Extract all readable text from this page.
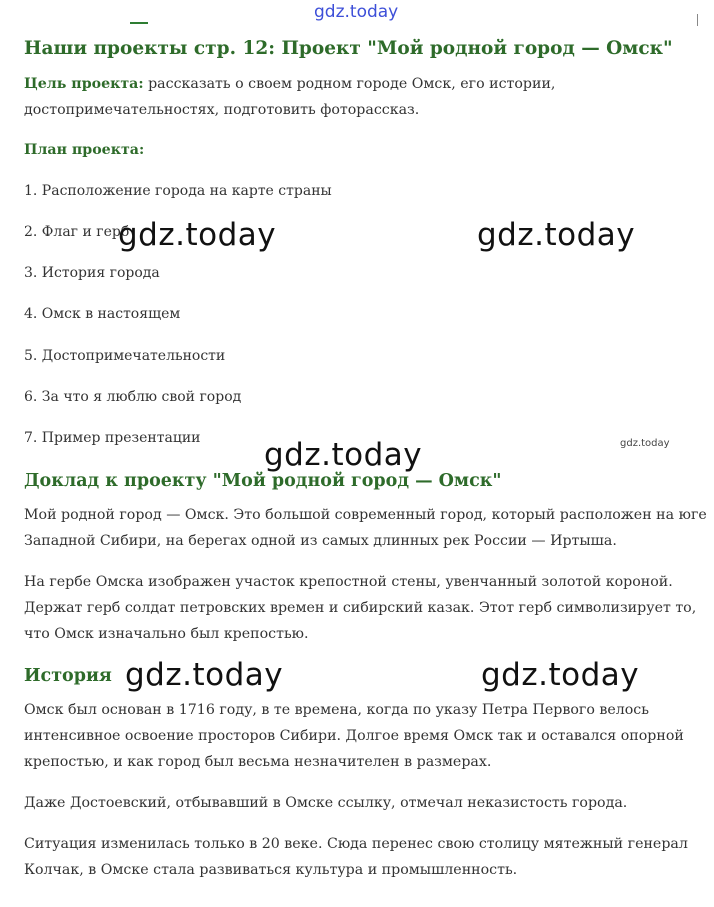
gdz.today
Наши проекты стр. 12: Проект "Мой родной город — Омск"

Цель проекта: рассказать о своем родном городе Омск, его истории,
достопримечательностях, подготовить фоторассказ.

План проекта:

1. Расположение города на карте страны

2. Флаг и герб

3. История города

4. Омск в настоящем

5. Достопримечательности

6. За что я люблю свой город

7. Пример презентации

Доклад к проекту "Мой родной город — Омск"

Мой родной город — Омск. Это большой современный город, который расположен на юге
Западной Сибири, на берегах одной из самых длинных рек России — Иртыша.

На гербе Омска изображен участок крепостной стены, увенчанный золотой короной.
Держат герб солдат петровских времен и сибирский казак. Этот герб символизирует то,
что Омск изначально был крепостью.

История

Омск был основан в 1716 году, в те времена, когда по указу Петра Первого велось
интенсивное освоение просторов Сибири. Долгое время Омск так и оставался опорной
крепостью, и как город был весьма незначителен в размерах.

Даже Достоевский, отбывавший в Омске ссылку, отмечал неказистость города.

Ситуация изменилась только в 20 веке. Сюда перенес свою столицу мятежный генерал
Колчак, в Омске стала развиваться культура и промышленность.

gdz.today	gdz.today
gdz.today	gdz.today
gdz.today	gdz.today
